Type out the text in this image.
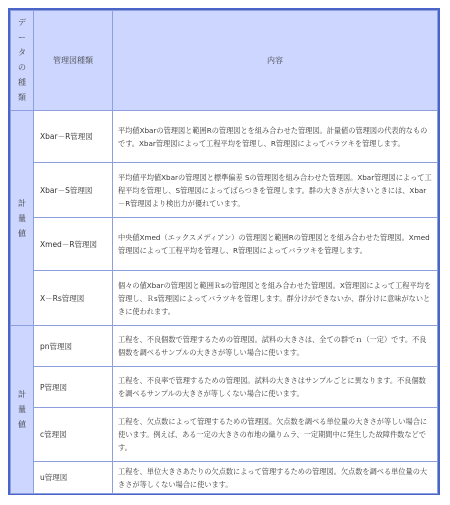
データの種類	管理図種類	内容
計量値	Xbar－R管理図	平均値Xbarの管理図と範囲Rの管理図とを組み合わせた管理図。計量値の管理図の代表的なものです。Xbar管理図によって工程平均を管理し、R管理図によってバラツキを管理します。
	Xbar－S管理図	平均値平均値Xbarの管理図と標準偏差 Sの管理図を組み合わせた管理図。Xbar管理図によって工程平均を管理し、S管理図によってばらつきを管理します。群の大きさが大きいときには、Xbar－R管理図より検出力が優れています。
	Xmed－R管理図	中央値Xmed（エックスメディアン）の管理図と範囲Rの管理図とを組み合わせた管理図。Xmed管理図によって工程平均を管理し、R管理図によってバラツキを管理します。
	X－Rs管理図	個々の値Xbarの管理図と範囲Ｒsの管理図とを組み合わせた管理図。X管理図によって工程平均を管理し、Ｒs管理図によってバラツキを管理します。群分けができないか、群分けに意味がないときに使われます。
計量値	pn管理図	工程を、不良個数で管理するための管理図。試料の大きさは、全ての群でｎ（一定）です。不良個数を調べるサンプルの大きさが等しい場合に使います。
	P管理図	工程を、不良率で管理するための管理図。試料の大きさはサンプルごとに異なります。不良個数を調べるサンプルの大きさが等しくない場合に使います。
	c管理図	工程を、欠点数によって管理するための管理図。欠点数を調べる単位量の大きさが等しい場合に使います。例えば、ある一定の大きさの布地の織りムラ、一定期間中に発生した故障件数などです。
	u管理図	工程を、単位大きさあたりの欠点数によって管理するための管理図。欠点数を調べる単位量の大きさが等しくない場合に使います。
